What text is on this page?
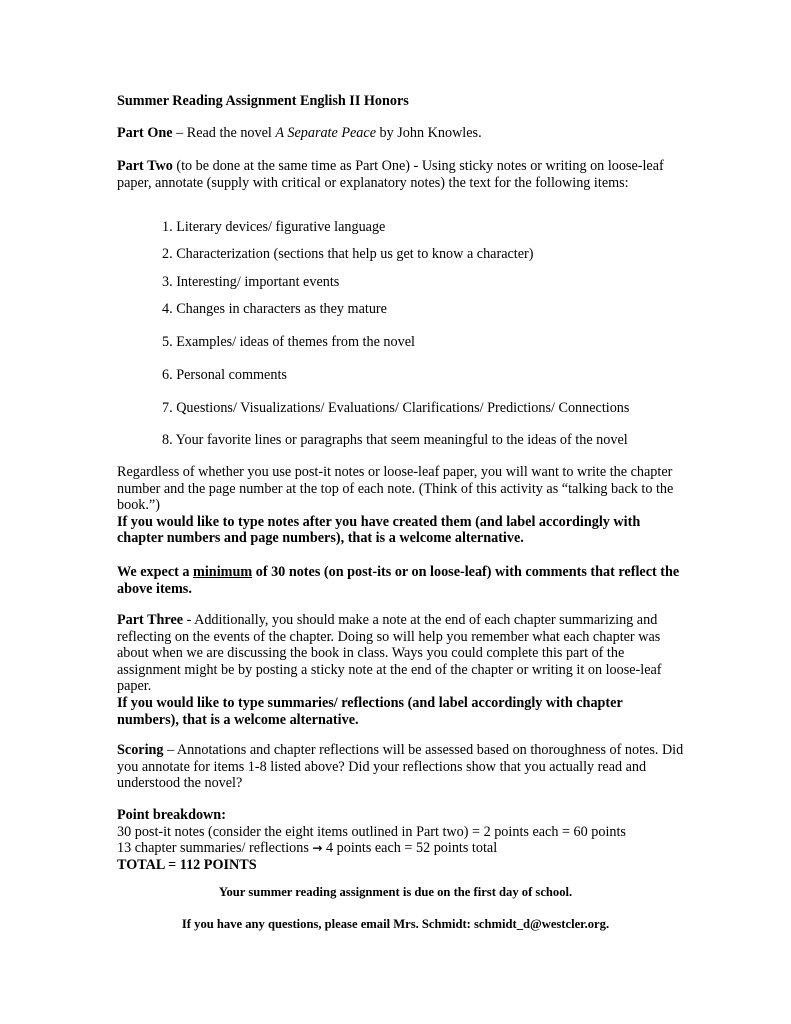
Summer Reading Assignment English II Honors

Part One – Read the novel A Separate Peace by John Knowles.

Part Two (to be done at the same time as Part One) - Using sticky notes or writing on loose-leaf paper, annotate (supply with critical or explanatory notes) the text for the following items:

1. Literary devices/ figurative language
2. Characterization (sections that help us get to know a character)
3. Interesting/ important events
4. Changes in characters as they mature
5. Examples/ ideas of themes from the novel
6. Personal comments
7. Questions/ Visualizations/ Evaluations/ Clarifications/ Predictions/ Connections
8. Your favorite lines or paragraphs that seem meaningful to the ideas of the novel

Regardless of whether you use post-it notes or loose-leaf paper, you will want to write the chapter number and the page number at the top of each note. (Think of this activity as “talking back to the book.”)

If you would like to type notes after you have created them (and label accordingly with chapter numbers and page numbers), that is a welcome alternative.

We expect a minimum of 30 notes (on post-its or on loose-leaf) with comments that reflect the above items.

Part Three - Additionally, you should make a note at the end of each chapter summarizing and reflecting on the events of the chapter. Doing so will help you remember what each chapter was about when we are discussing the book in class. Ways you could complete this part of the assignment might be by posting a sticky note at the end of the chapter or writing it on loose-leaf paper.

If you would like to type summaries/ reflections (and label accordingly with chapter numbers), that is a welcome alternative.

Scoring – Annotations and chapter reflections will be assessed based on thoroughness of notes. Did you annotate for items 1-8 listed above? Did your reflections show that you actually read and understood the novel?

Point breakdown:
30 post-it notes (consider the eight items outlined in Part two) = 2 points each = 60 points
13 chapter summaries/ reflections → 4 points each = 52 points total
TOTAL = 112 POINTS
Your summer reading assignment is due on the first day of school.
If you have any questions, please email Mrs. Schmidt: schmidt_d@westcler.org.
